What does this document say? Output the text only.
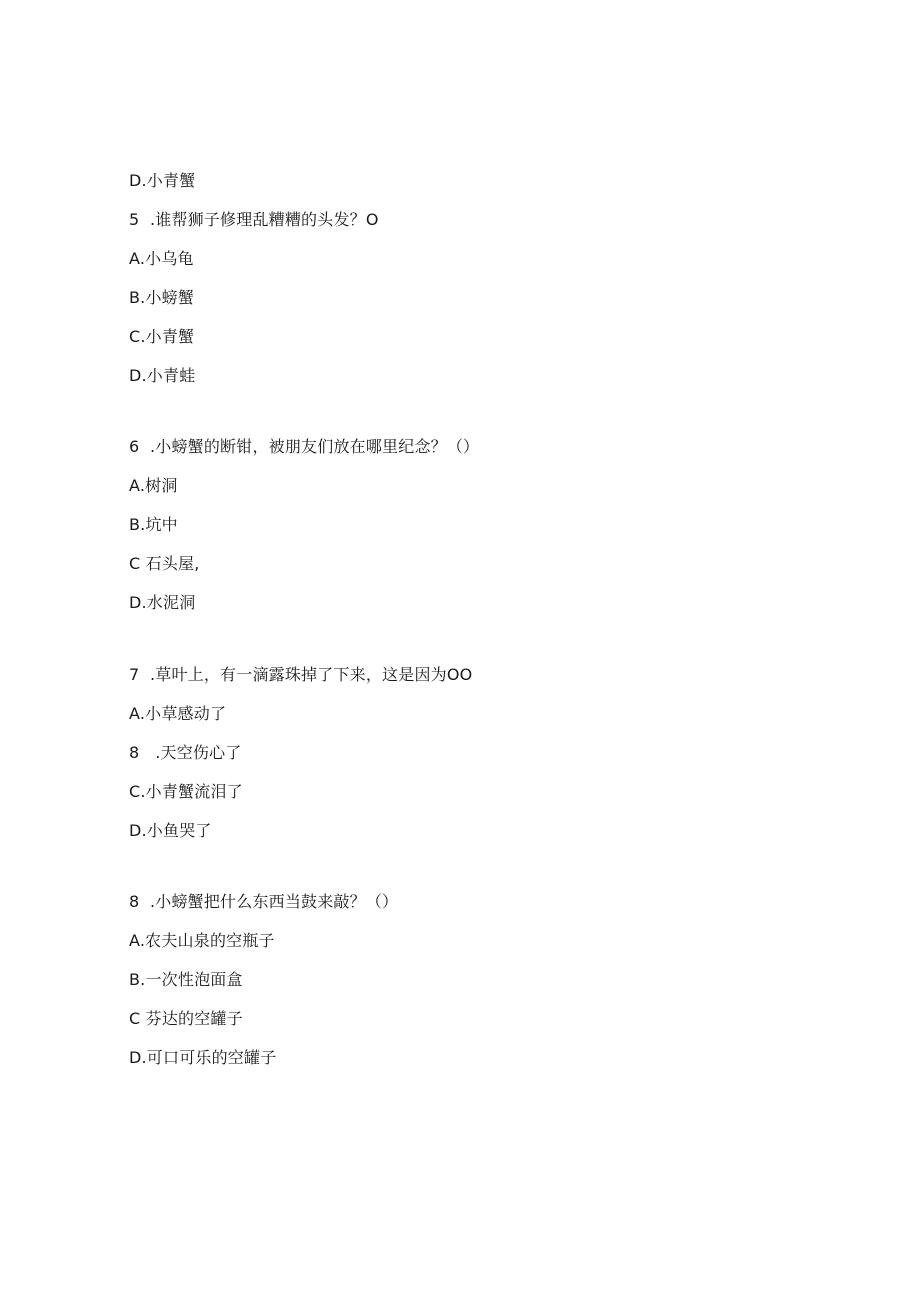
D.小青蟹
5  .谁帮狮子修理乱糟糟的头发？O
A.小乌龟
B.小螃蟹
C.小青蟹
D.小青蛙
6  .小螃蟹的断钳，被朋友们放在哪里纪念？（）
A.树洞
B.坑中
C 石头屋,
D.水泥洞
7  .草叶上，有一滴露珠掉了下来，这是因为OO
A.小草感动了
8   .天空伤心了
C.小青蟹流泪了
D.小鱼哭了
8  .小螃蟹把什么东西当鼓来敲？（）
A.农夫山泉的空瓶子
B.一次性泡面盒
C 芬达的空罐子
D.可口可乐的空罐子
